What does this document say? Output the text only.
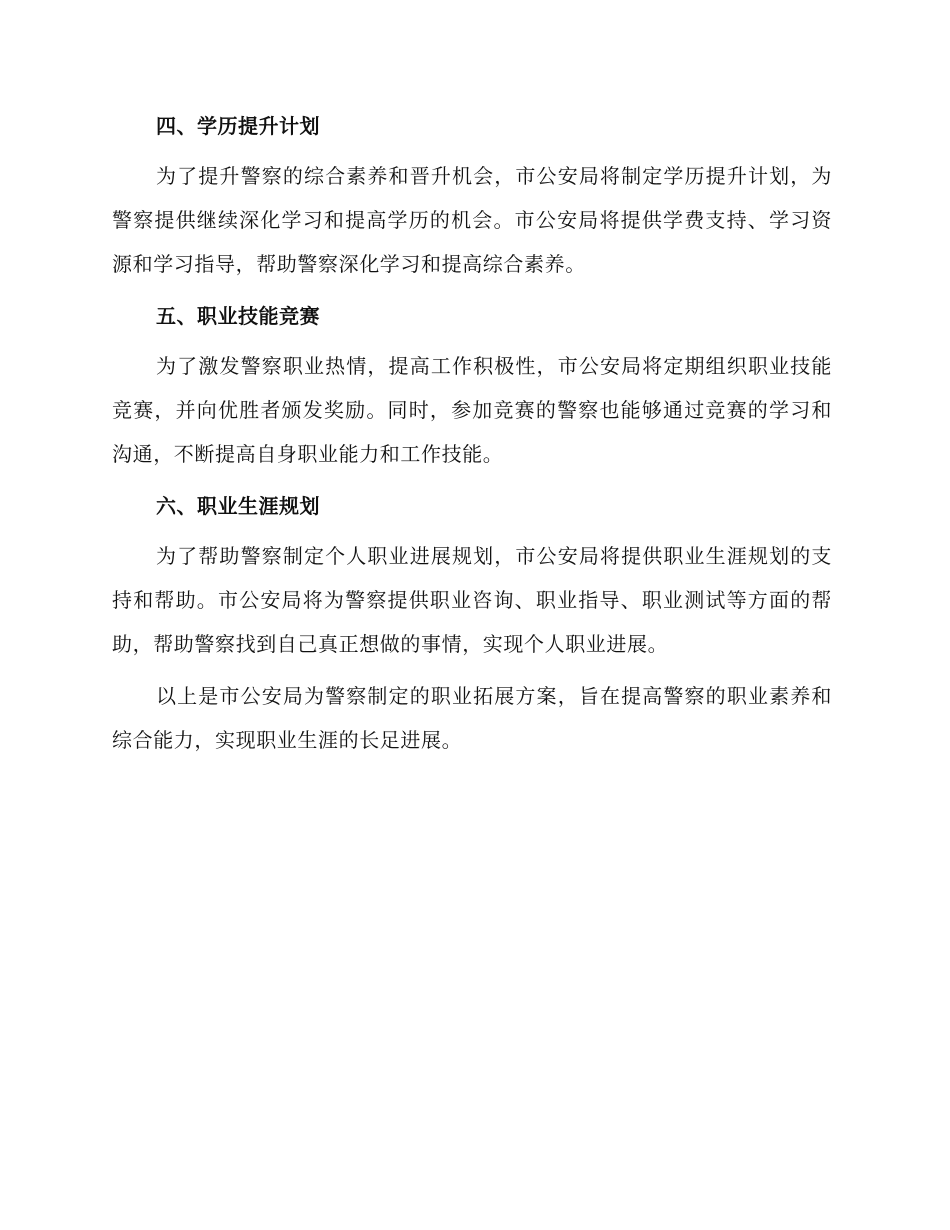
四、学历提升计划

为了提升警察的综合素养和晋升机会，市公安局将制定学历提升计划，为警察提供继续深化学习和提高学历的机会。市公安局将提供学费支持、学习资源和学习指导，帮助警察深化学习和提高综合素养。

五、职业技能竞赛

为了激发警察职业热情，提高工作积极性，市公安局将定期组织职业技能竞赛，并向优胜者颁发奖励。同时，参加竞赛的警察也能够通过竞赛的学习和沟通，不断提高自身职业能力和工作技能。

六、职业生涯规划

为了帮助警察制定个人职业进展规划，市公安局将提供职业生涯规划的支持和帮助。市公安局将为警察提供职业咨询、职业指导、职业测试等方面的帮助，帮助警察找到自己真正想做的事情，实现个人职业进展。

以上是市公安局为警察制定的职业拓展方案，旨在提高警察的职业素养和综合能力，实现职业生涯的长足进展。
